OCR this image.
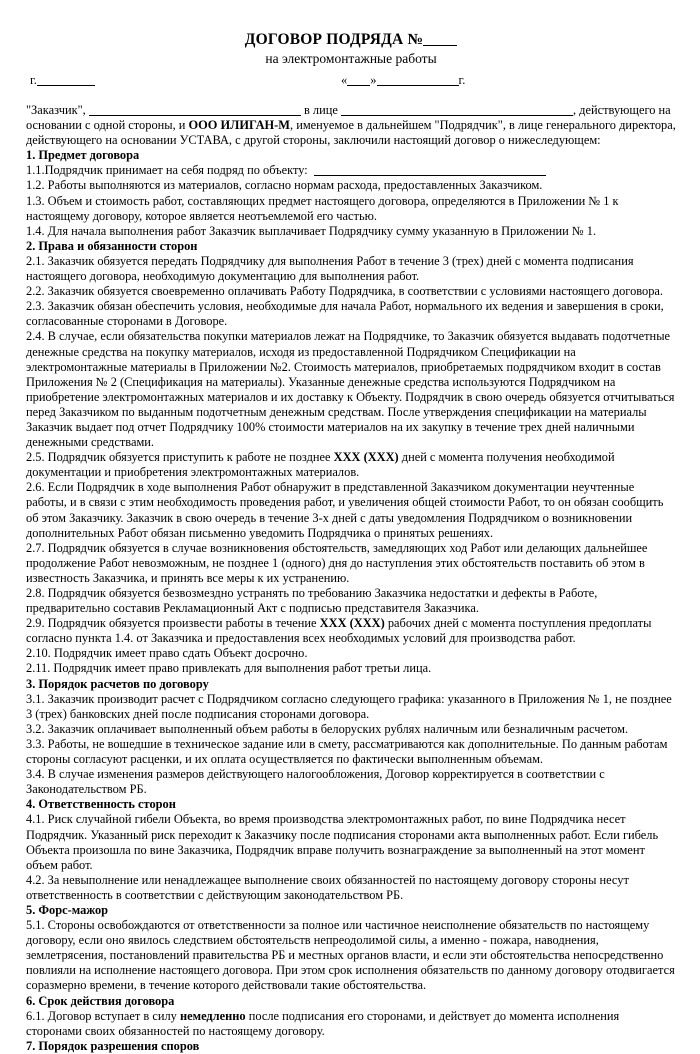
ДОГОВОР ПОДРЯДА №
на электромонтажные работы
г.	« »	г.

"Заказчик",	в лице	, действующего на основании с одной стороны, и ООО ИЛИГАН-М, именуемое в дальнейшем "Подрядчик", в лице генерального директора, действующего на основании УСТАВА, с другой стороны, заключили настоящий договор о нижеследующем:

1. Предмет договора

1.1.Подрядчик принимает на себя подряд по объекту:

1.2. Работы выполняются из материалов, согласно нормам расхода, предоставленных Заказчиком.

1.3. Объем и стоимость работ, составляющих предмет настоящего договора, определяются в Приложении № 1 к настоящему договору, которое является неотъемлемой его частью.

1.4. Для начала выполнения работ Заказчик выплачивает Подрядчику сумму указанную в Приложении № 1.

2. Права и обязанности сторон

2.1. Заказчик обязуется передать Подрядчику для выполнения Работ в течение 3 (трех) дней с момента подписания настоящего договора, необходимую документацию для выполнения работ.

2.2. Заказчик обязуется своевременно оплачивать Работу Подрядчика, в соответствии с условиями настоящего договора.

2.3. Заказчик обязан обеспечить условия, необходимые для начала Работ, нормального их ведения и завершения в сроки, согласованные сторонами в Договоре.

2.4. В случае, если обязательства покупки материалов лежат на Подрядчике, то Заказчик обязуется выдавать подотчетные денежные средства на покупку материалов, исходя из предоставленной Подрядчиком Спецификации на электромонтажные материалы в Приложении №2. Стоимость материалов, приобретаемых подрядчиком входит в состав Приложения № 2 (Спецификация на материалы). Указанные денежные средства используются Подрядчиком на приобретение электромонтажных материалов и их доставку к Объекту. Подрядчик в свою очередь обязуется отчитываться перед Заказчиком по выданным подотчетным денежным средствам. После утверждения спецификации на материалы Заказчик выдает под отчет Подрядчику 100% стоимости материалов на их закупку в течение трех дней наличными денежными средствами.

2.5. Подрядчик обязуется приступить к работе не позднее XXX (XXX) дней с момента получения необходимой документации и приобретения электромонтажных материалов.

2.6. Если Подрядчик в ходе выполнения Работ обнаружит в представленной Заказчиком документации неучтенные работы, и в связи с этим необходимость проведения работ, и увеличения общей стоимости Работ, то он обязан сообщить об этом Заказчику. Заказчик в свою очередь в течение 3-х дней с даты уведомления Подрядчиком о возникновении дополнительных Работ обязан письменно уведомить Подрядчика о принятых решениях.

2.7. Подрядчик обязуется в случае возникновения обстоятельств, замедляющих ход Работ или делающих дальнейшее продолжение Работ невозможным, не позднее 1 (одного) дня до наступления этих обстоятельств поставить об этом в известность Заказчика, и принять все меры к их устранению.

2.8. Подрядчик обязуется безвозмездно устранять по требованию Заказчика недостатки и дефекты в Работе, предварительно составив Рекламационный Акт с подписью представителя Заказчика.

2.9. Подрядчик обязуется произвести работы в течение XXX (XXX) рабочих дней с момента поступления предоплаты согласно пункта 1.4. от Заказчика и предоставления всех необходимых условий для производства работ.

2.10. Подрядчик имеет право сдать Объект досрочно.

2.11. Подрядчик имеет право привлекать для выполнения работ третьи лица.

3. Порядок расчетов по договору

3.1. Заказчик производит расчет с Подрядчиком согласно следующего графика: указанного в Приложения № 1, не позднее 3 (трех) банковских дней после подписания сторонами договора.

3.2. Заказчик оплачивает выполненный объем работы в белоруских рублях наличным или безналичным расчетом.

3.3. Работы, не вошедшие в техническое задание или в смету, рассматриваются как дополнительные. По данным работам стороны согласуют расценки, и их оплата осуществляется по фактически выполненным объемам.

3.4. В случае изменения размеров действующего налогообложения, Договор корректируется в соответствии с Законодательством РБ.

4. Ответственность сторон

4.1. Риск случайной гибели Объекта, во время производства электромонтажных работ, по вине Подрядчика несет Подрядчик. Указанный риск переходит к Заказчику после подписания сторонами акта выполненных работ. Если гибель Объекта произошла по вине Заказчика, Подрядчик вправе получить вознаграждение за выполненный на этот момент объем работ.

4.2. За невыполнение или ненадлежащее выполнение своих обязанностей по настоящему договору стороны несут ответственность в соответствии с действующим законодательством РБ.

5. Форс-мажор

5.1. Стороны освобождаются от ответственности за полное или частичное неисполнение обязательств по настоящему договору, если оно явилось следствием обстоятельств непреодолимой силы, а именно - пожара, наводнения, землетрясения, постановлений правительства РБ и местных органов власти, и если эти обстоятельства непосредственно повлияли на исполнение настоящего договора. При этом срок исполнения обязательств по данному договору отодвигается соразмерно времени, в течение которого действовали такие обстоятельства.

6. Срок действия договора

6.1. Договор вступает в силу немедленно после подписания его сторонами, и действует до момента исполнения сторонами своих обязанностей по настоящему договору.

7. Порядок разрешения споров
